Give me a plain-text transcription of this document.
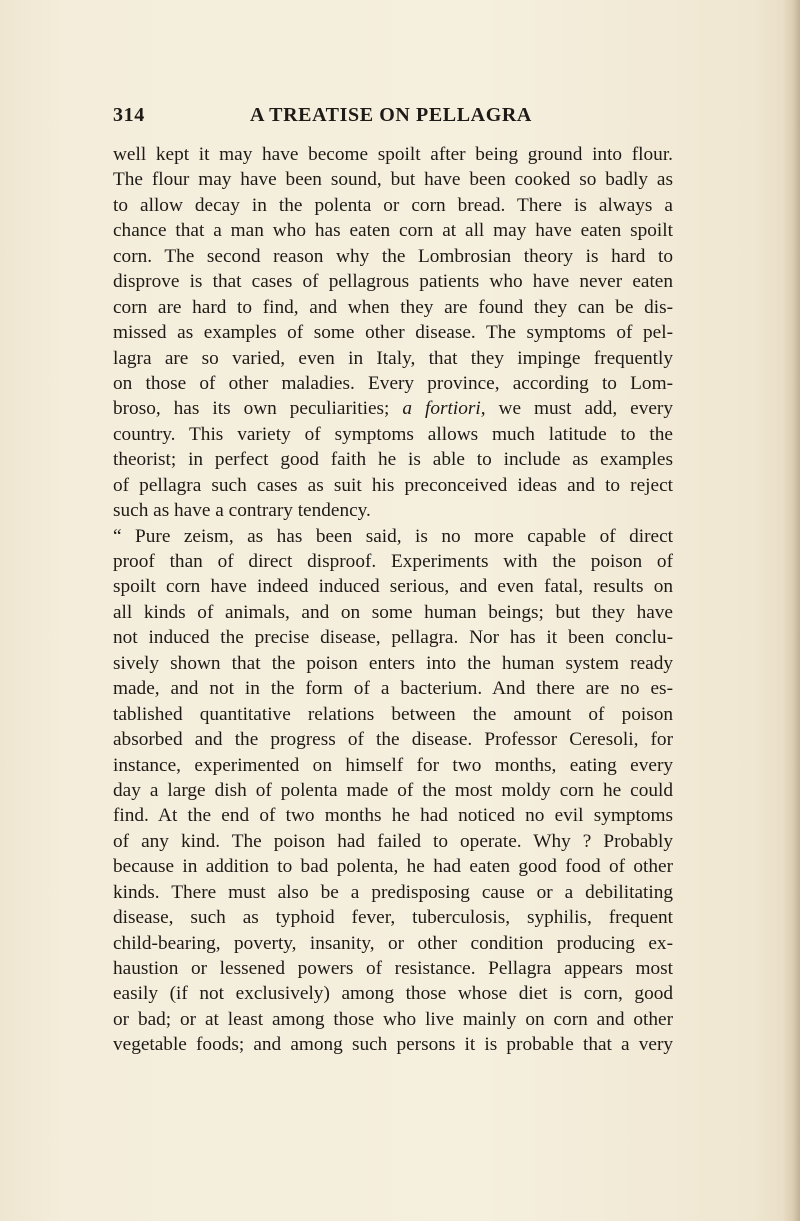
314	A TREATISE ON PELLAGRA
well kept it may have become spoilt after being ground into flour.
The flour may have been sound, but have been cooked so badly as
to allow decay in the polenta or corn bread. There is always a
chance that a man who has eaten corn at all may have eaten spoilt
corn. The second reason why the Lombrosian theory is hard to
disprove is that cases of pellagrous patients who have never eaten
corn are hard to find, and when they are found they can be dis-
missed as examples of some other disease. The symptoms of pel-
lagra are so varied, even in Italy, that they impinge frequently
on those of other maladies. Every province, according to Lom-
broso, has its own peculiarities; a fortiori, we must add, every
country. This variety of symptoms allows much latitude to the
theorist; in perfect good faith he is able to include as examples
of pellagra such cases as suit his preconceived ideas and to reject
such as have a contrary tendency.
“ Pure zeism, as has been said, is no more capable of direct
proof than of direct disproof. Experiments with the poison of
spoilt corn have indeed induced serious, and even fatal, results on
all kinds of animals, and on some human beings; but they have
not induced the precise disease, pellagra. Nor has it been conclu-
sively shown that the poison enters into the human system ready
made, and not in the form of a bacterium. And there are no es-
tablished quantitative relations between the amount of poison
absorbed and the progress of the disease. Professor Ceresoli, for
instance, experimented on himself for two months, eating every
day a large dish of polenta made of the most moldy corn he could
find. At the end of two months he had noticed no evil symptoms
of any kind. The poison had failed to operate. Why ? Probably
because in addition to bad polenta, he had eaten good food of other
kinds. There must also be a predisposing cause or a debilitating
disease, such as typhoid fever, tuberculosis, syphilis, frequent
child-bearing, poverty, insanity, or other condition producing ex-
haustion or lessened powers of resistance. Pellagra appears most
easily (if not exclusively) among those whose diet is corn, good
or bad; or at least among those who live mainly on corn and other
vegetable foods; and among such persons it is probable that a very
